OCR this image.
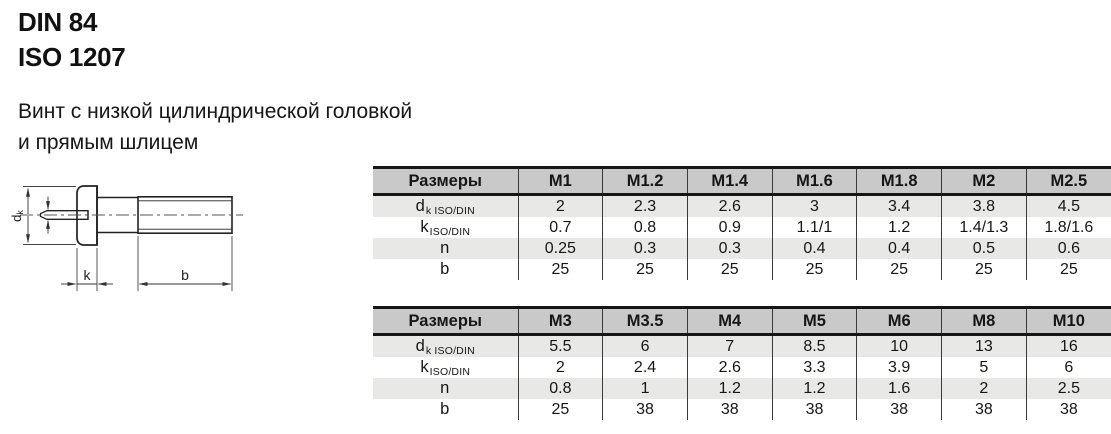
DIN 84
ISO 1207
Винт с низкой цилиндрической головкой
и прямым шлицем
dk
k	b
Размеры	M1	M1.2	M1.4	M1.6	M1.8	M2	M2.5
$d_{k ISO/DIN}$	2	2.3	2.6	3	3.4	3.8	4.5
$k_{ISO/DIN}$	0.7	0.8	0.9	1.1/1	1.2	1.4/1.3	1.8/1.6
n	0.25	0.3	0.3	0.4	0.4	0.5	0.6
b	25	25	25	25	25	25	25
Размеры	M3	M3.5	M4	M5	M6	M8	M10
$d_{k ISO/DIN}$	5.5	6	7	8.5	10	13	16
$k_{ISO/DIN}$	2	2.4	2.6	3.3	3.9	5	6
n	0.8	1	1.2	1.2	1.6	2	2.5
b	25	38	38	38	38	38	38
